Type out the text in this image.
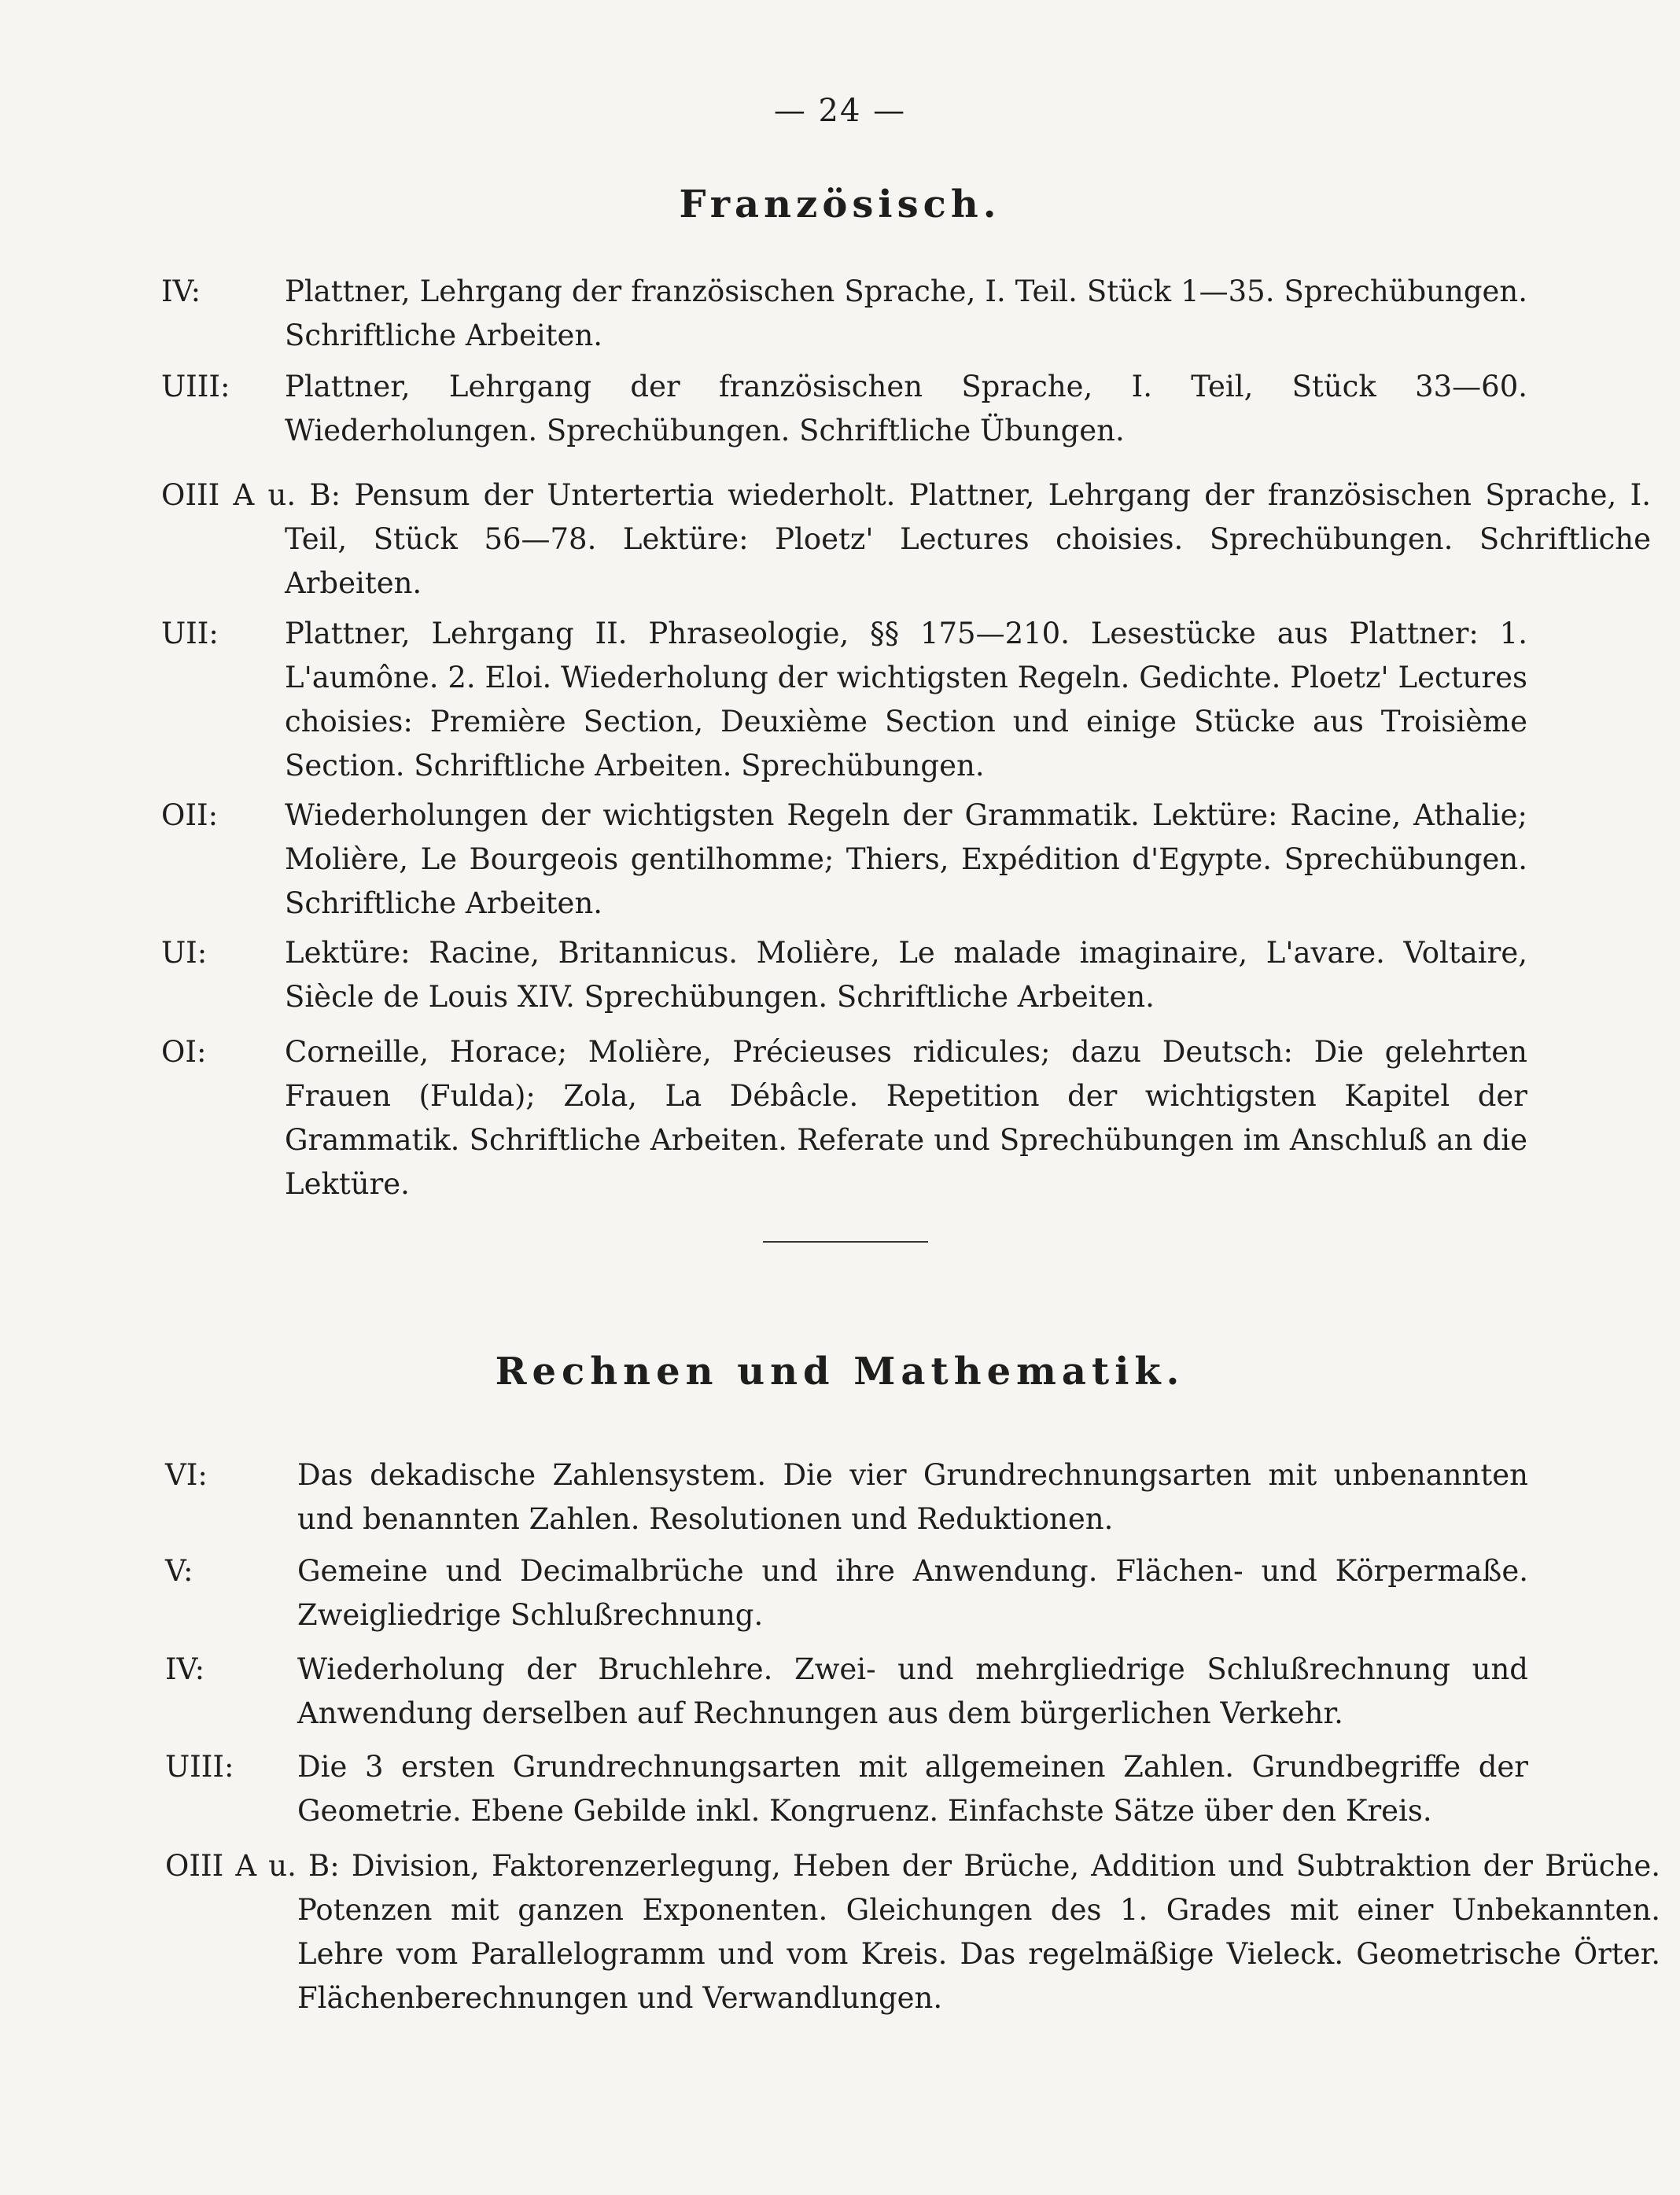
— 24 —
Französisch.
IV:	Plattner, Lehrgang der französischen Sprache, I. Teil. Stück 1—35. Sprechübungen. Schriftliche Arbeiten.
UIII: Plattner, Lehrgang der französischen Sprache, I. Teil, Stück 33—60. Wiederholungen. Sprechübungen. Schriftliche Übungen.
OIII A u. B: Pensum der Untertertia wiederholt. Plattner, Lehrgang der französischen Sprache, I. Teil, Stück 56—78. Lektüre: Ploetz' Lectures choisies. Sprechübungen. Schriftliche Arbeiten.
UII: Plattner, Lehrgang II. Phraseologie, §§ 175—210. Lesestücke aus Plattner: 1. L'aumône. 2. Eloi. Wiederholung der wichtigsten Regeln. Gedichte. Ploetz' Lectures choisies: Première Section, Deuxième Section und einige Stücke aus Troisième Section. Schriftliche Arbeiten. Sprechübungen.
OII: Wiederholungen der wichtigsten Regeln der Grammatik. Lektüre: Racine, Athalie; Molière, Le Bourgeois gentilhomme; Thiers, Expédition d'Egypte. Sprechübungen. Schriftliche Arbeiten.
UI:	Lektüre: Racine, Britannicus. Molière, Le malade imaginaire, L'avare. Voltaire, Siècle de Louis XIV. Sprechübungen. Schriftliche Arbeiten.
OI:	Corneille, Horace; Molière, Précieuses ridicules; dazu Deutsch: Die gelehrten Frauen (Fulda); Zola, La Débâcle. Repetition der wichtigsten Kapitel der Grammatik. Schriftliche Arbeiten. Referate und Sprechübungen im Anschluß an die Lektüre.
Rechnen und Mathematik.
VI:	Das dekadische Zahlensystem. Die vier Grundrechnungsarten mit unbenannten und benannten Zahlen. Resolutionen und Reduktionen.
V:	Gemeine und Decimalbrüche und ihre Anwendung. Flächen- und Körpermaße. Zweigliedrige Schlußrechnung.
IV:	Wiederholung der Bruchlehre. Zwei- und mehrgliedrige Schlußrechnung und Anwendung derselben auf Rechnungen aus dem bürgerlichen Verkehr.
UIII: Die 3 ersten Grundrechnungsarten mit allgemeinen Zahlen. Grundbegriffe der Geometrie. Ebene Gebilde inkl. Kongruenz. Einfachste Sätze über den Kreis.
OIII A u. B: Division, Faktorenzerlegung, Heben der Brüche, Addition und Subtraktion der Brüche. Potenzen mit ganzen Exponenten. Gleichungen des 1. Grades mit einer Unbekannten. Lehre vom Parallelogramm und vom Kreis. Das regelmäßige Vieleck. Geometrische Örter. Flächenberechnungen und Verwandlungen.
